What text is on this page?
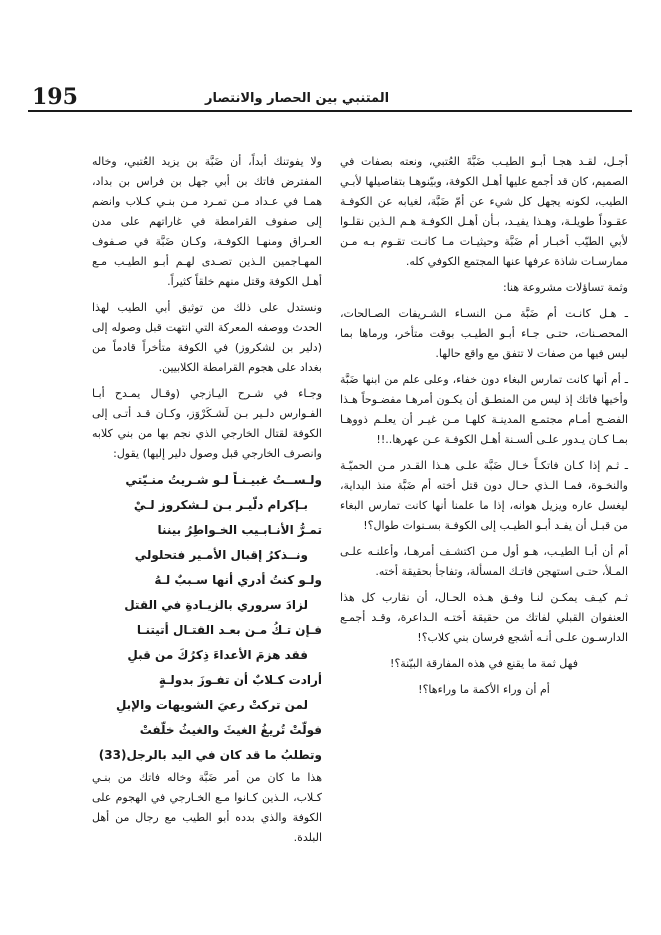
195	المتنبي بين الحصار والانتصار

أجـل، لقـد هجـا أبـو الطيـب ضَبَّةَ العُتبي، ونعته بصفات في الصميم، كان قد أجمع عليها أهـل الكوفة، وبيّنوهـا بتفاصيلها لأبـي الطيب، لكونه يجهل كل شيء عن أمّ ضَبَّة، لغيابه عن الكوفـة عقـوداً طويلـة، وهـذا يفيـد، بـأن أهـل الكوفـة هـم الـذين نقلـوا لأبي الطيّب أخبـار أم ضَبَّة وحيثيـات مـا كانـت تقـوم بـه مـن ممارسـات شاذة عرفها عنها المجتمع الكوفي كله.

وثمة تساؤلات مشروعة هنا:

ـ هـل كانـت أم ضَبَّة مـن النسـاء الشـريفات الصـالحات، المحصـنات، حتـى جـاء أبـو الطيـب بوقت متأخر، ورماها بما ليس فيها من صفات لا تتفق مع واقع حالها.

ـ أم أنها كانت تمارس البغاء دون خفاء، وعلى علم من ابنها ضَبَّة وأخيها فاتك إذ ليس من المنطـق أن يكـون أمرهـا مفضـوحاً هـذا الفضـح أمـام مجتمـع المدينـة كلهـا مـن غيـر أن يعلـم ذووهـا بمـا كـان يـدور علـى ألسـنة أهـل الكوفـة عـن عهرها..!!

ـ ثـم إذا كـان فاتكـاً خـال ضَبَّة علـى هـذا القـدر مـن الحميّـة والنخـوة، فمـا الـذي حـال دون قتل أخته أم ضَبَّة منذ البداية، ليغسل عاره ويزيل هوانه، إذا ما علمنا أنها كانت تمارس البغاء من قبـل أن يفـد أبـو الطيـب إلى الكوفـة بسـنوات طوال؟!

أم أن أبـا الطيـب، هـو أول مـن اكتشـف أمرهـا، وأعلنـه علـى المـلأ، حتـى استهجن فاتـك المسألة، وتفاجأ بحقيقة أخته.

ثـم كيـف يمكـن لنـا وفـق هـذه الحـال، أن نقارب كل هذا العنفوان القبلي لفاتك من حقيقة أختـه الـداعرة، وقـد أجمـع الدارسـون علـى أنـه أشجع فرسان بني كلاب؟!

فهل ثمة ما يقنع في هذه المفارقة البيّنة؟!

أم أن وراء الأكمة ما وراءها؟!

ولا يفوتنك أبداً، أن ضَبَّة بن يزيد العُتبي، وخاله المفترض فاتك بن أبي جهل بن فراس بن بداد، همـا في عـداد مـن تمـرد مـن بنـي كـلاب وانضم إلى صفوف القرامطة في غاراتهم على مدن العـراق ومنهـا الكوفـة، وكـان ضَبَّة في صـفوف المهـاجمين الـذين تصـدى لهـم أبـو الطيـب مـع أهـل الكوفة وقتل منهم خلقاً كثيراً.

ونستدل على ذلك من توثيق أبي الطيب لهذا الحدث ووصفه المعركة التي انتهت قبل وصوله إلى (دلير بن لشكروز) في الكوفة متأخراً قادماً من بغداد على هجوم القرامطة الكلابيين.

وجـاء في شـرح اليـازجي (وقـال يمـدح أبـا الفـوارس دلـير بـن لَشـكَرْوَز، وكـان قـد أتـى إلى الكوفة لقتال الخارجي الذي نجم بها من بني كلابه وانصرف الخارجي قبل وصول دلير إليها) يقول:

ولـســتُ غبيـنـاً لـو شـريتُ منـيّتي
بـإكرام دلّيـر بـن لـشكروز لـيْ
تمـرُّ الأنـابـيب الخـواطِرُ بيننا
ونــذكرُ إقبال الأمـير فتحلولي
ولـو كنتُ أدري أنها سـببٌ لـهُ
لزادَ سروري بالزيـادةِ في القتل
فـإن تـكُ مـن بعـد القتـال أتيتنـا
فقد هزمَ الأعداءَ ذِكرُكَ من قبلِ
أرادت كـلابٌ أن تفـوزَ بدولـةٍ
لمن تركتْ رعيَ الشويهات والإبلِ
فولّتْ تُريغُ الغيثَ والغيثُ خلّفتْ
وتطلبُ ما قد كان في اليد بالرجل(33)

هذا ما كان من أمر ضَبَّة وخاله فاتك من بنـي كـلاب، الـذين كـانوا مـع الخـارجي في الهجوم على الكوفة والذي بدده أبو الطيب مع رجال من أهل البلدة.
